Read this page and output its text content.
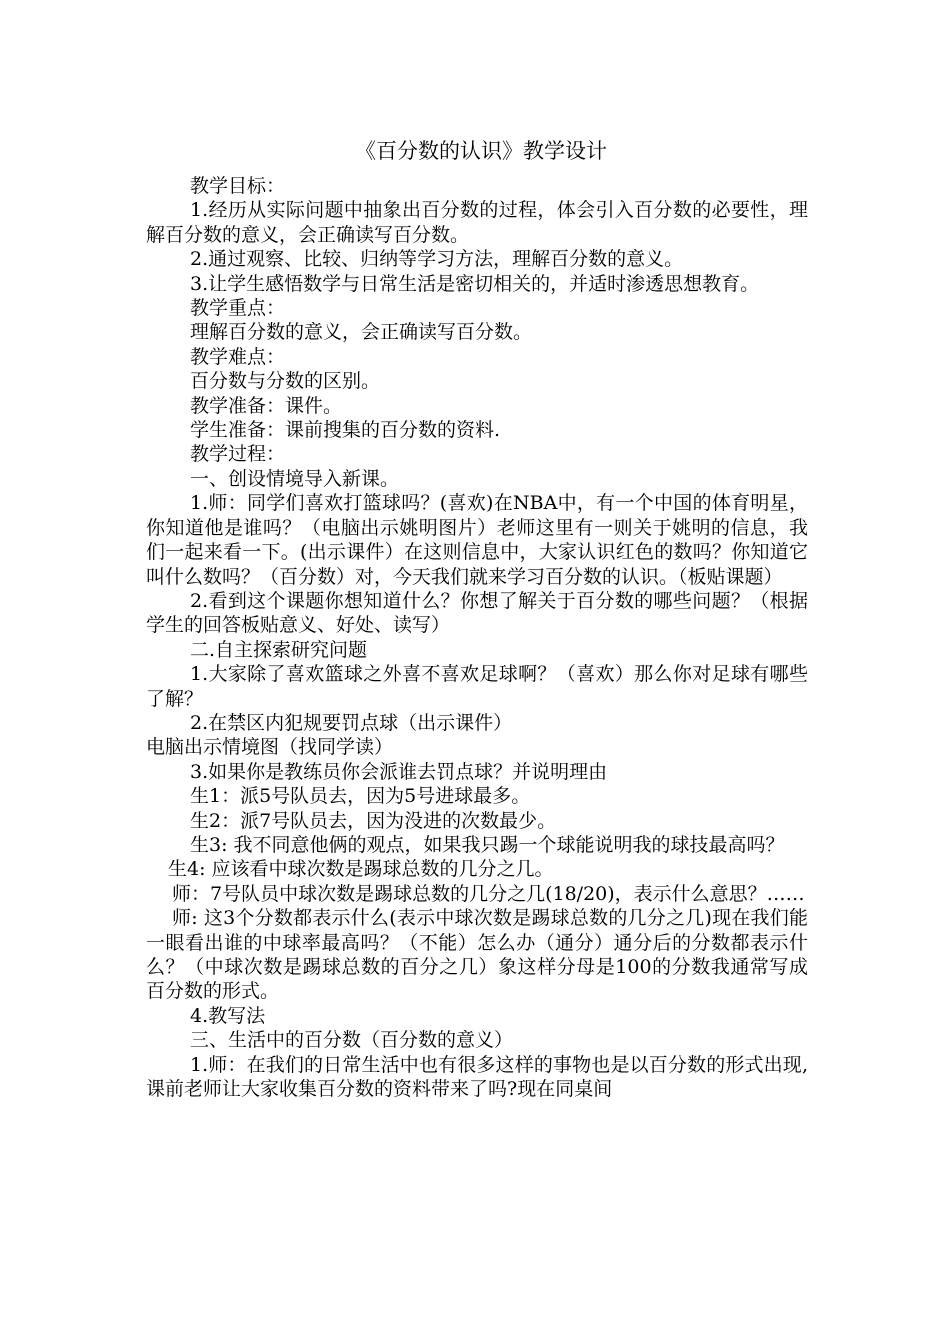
《百分数的认识》教学设计

教学目标：

1.经历从实际问题中抽象出百分数的过程，体会引入百分数的必要性，理解百分数的意义，会正确读写百分数。

2.通过观察、比较、归纳等学习方法，理解百分数的意义。

3.让学生感悟数学与日常生活是密切相关的，并适时渗透思想教育。

教学重点：

理解百分数的意义，会正确读写百分数。

教学难点：

百分数与分数的区别。

教学准备：课件。

学生准备：课前搜集的百分数的资料.

教学过程：

一、创设情境导入新课。

1.师：同学们喜欢打篮球吗？(喜欢)在NBA中，有一个中国的体育明星，你知道他是谁吗？（电脑出示姚明图片）老师这里有一则关于姚明的信息，我们一起来看一下。(出示课件）在这则信息中，大家认识红色的数吗？你知道它叫什么数吗？（百分数）对，今天我们就来学习百分数的认识。（板贴课题）

2.看到这个课题你想知道什么？你想了解关于百分数的哪些问题？（根据学生的回答板贴意义、好处、读写）

二.自主探索研究问题

1.大家除了喜欢篮球之外喜不喜欢足球啊？（喜欢）那么你对足球有哪些了解？

2.在禁区内犯规要罚点球（出示课件）

电脑出示情境图（找同学读）

3.如果你是教练员你会派谁去罚点球？并说明理由

生1：派5号队员去，因为5号进球最多。

生2：派7号队员去，因为没进的次数最少。

生3: 我不同意他俩的观点，如果我只踢一个球能说明我的球技最高吗？

生4: 应该看中球次数是踢球总数的几分之几。

师：7号队员中球次数是踢球总数的几分之几(18/20)，表示什么意思？……

师: 这3个分数都表示什么(表示中球次数是踢球总数的几分之几)现在我们能一眼看出谁的中球率最高吗？（不能）怎么办（通分）通分后的分数都表示什么？（中球次数是踢球总数的百分之几）象这样分母是100的分数我通常写成百分数的形式。

4.教写法

三、生活中的百分数（百分数的意义）

1.师：在我们的日常生活中也有很多这样的事物也是以百分数的形式出现,课前老师让大家收集百分数的资料带来了吗?现在同桌间
